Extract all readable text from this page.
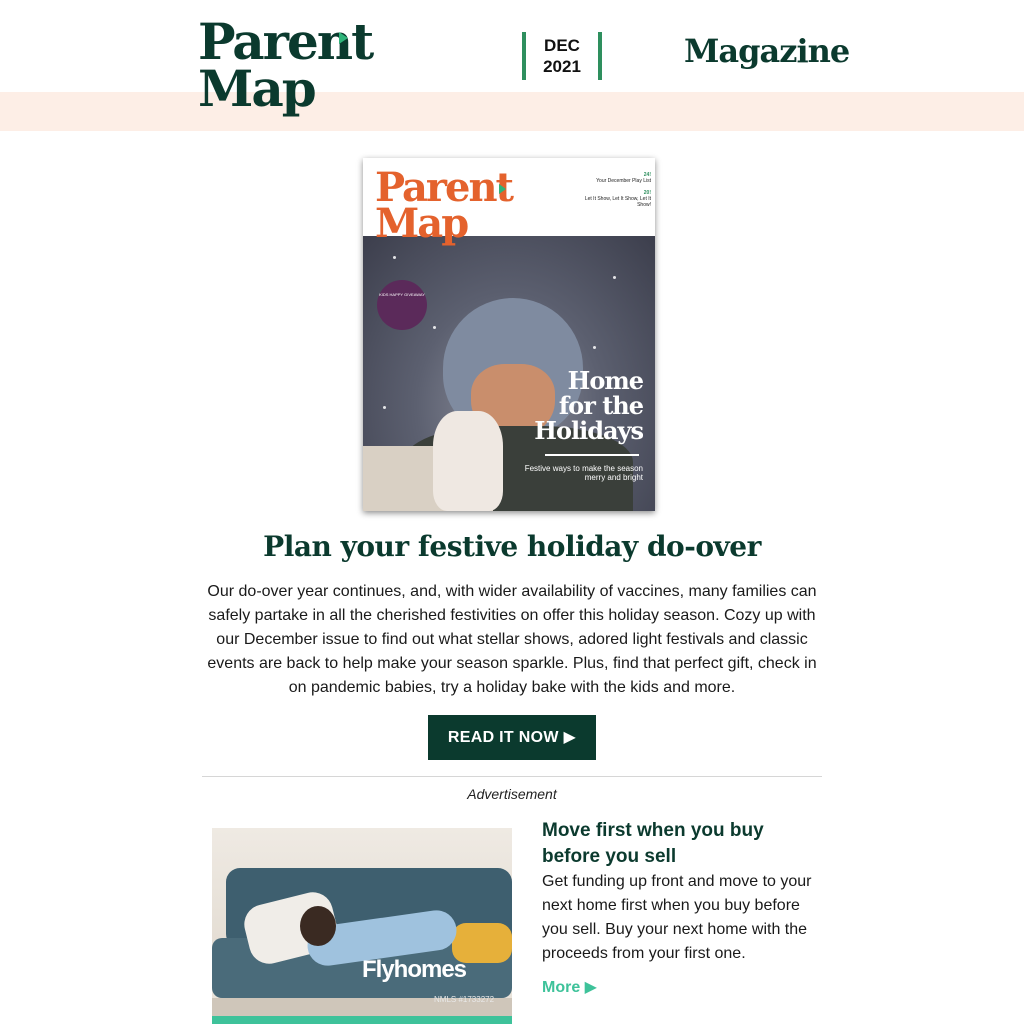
Parent
Map
DEC
2021	Magazine
Parent
Map
24!
Your December Play List

20!
Let It Show, Let It Show, Let It Show!
KIDS HAPPY GIVEAWAY
Home
for the
Holidays
Festive ways to make the season merry and bright
Plan your festive holiday do-over

Our do-over year continues, and, with wider availability of vaccines, many families can safely partake in all the cherished festivities on offer this holiday season. Cozy up with our December issue to find out what stellar shows, adored light festivals and classic events are back to help make your season sparkle. Plus, find that perfect gift, check in on pandemic babies, try a holiday bake with the kids and more.

READ IT NOW ▶
Advertisement
Flyhomes
NMLS #1733272
Move first when you buy before you sell
Get funding up front and move to your next home first when you buy before you sell. Buy your next home with the proceeds from your first one.
More ▶
